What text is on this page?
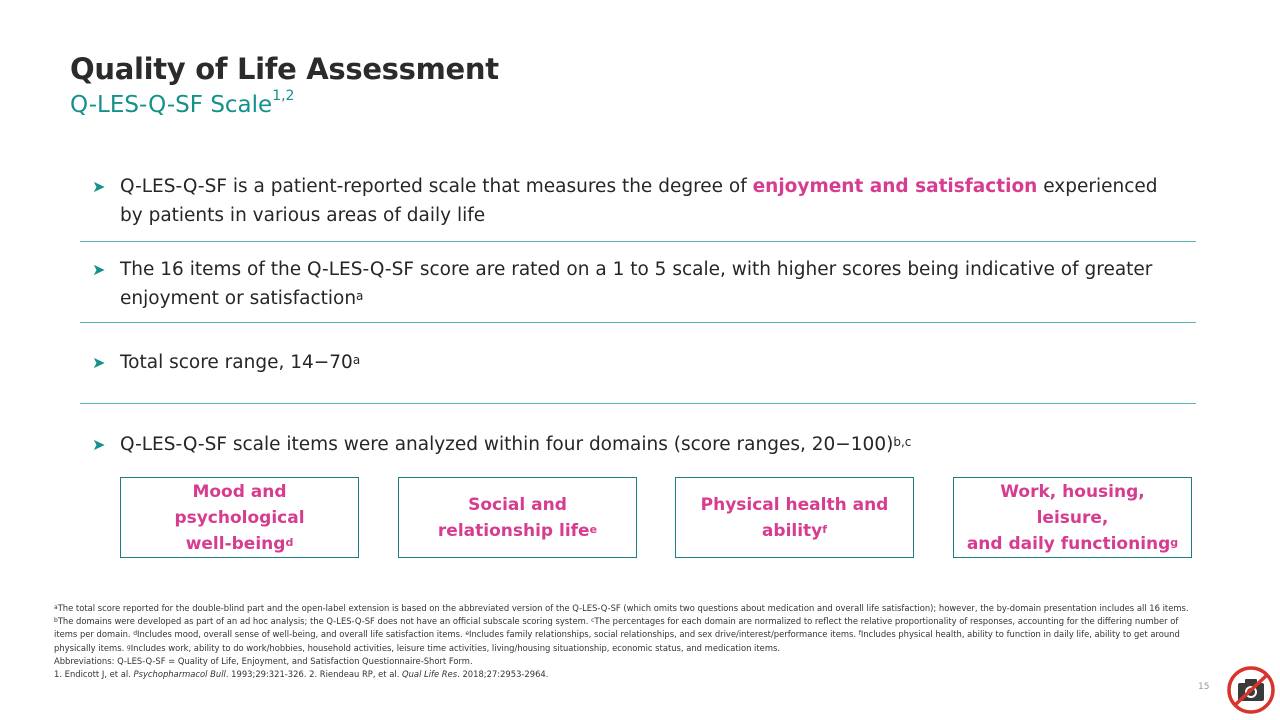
Quality of Life Assessment
Q-LES-Q-SF Scale$^{1,2}$
➤ Q-LES-Q-SF is a patient-reported scale that measures the degree of enjoyment and satisfaction experienced by patients in various areas of daily life
➤ The 16 items of the Q-LES-Q-SF score are rated on a 1 to 5 scale, with higher scores being indicative of greater enjoyment or satisfaction$^a$
➤ Total score range, $14-70^a$
➤ Q-LES-Q-SF scale items were analyzed within four domains (score ranges, 20−100)$^{b,c}$
Mood and psychological
well-being$^d$
Social and
relationship life$^e$
Physical health and
ability$^f$
Work, housing, leisure,
and daily functioning$^g$

$^a$The total score reported for the double-blind part and the open-label extension is based on the abbreviated version of the Q-LES-Q-SF (which omits two questions about medication and overall life satisfaction); however, the by-domain presentation includes all 16 items. $^b$The domains were developed as part of an ad hoc analysis; the Q-LES-Q-SF does not have an official subscale scoring system. $^c$The percentages for each domain are normalized to reflect the relative proportionality of responses, accounting for the differing number of items per domain. $^d$Includes mood, overall sense of well-being, and overall life satisfaction items. $^e$Includes family relationships, social relationships, and sex drive/interest/performance items. $^f$Includes physical health, ability to function in daily life, ability to get around physically items. $^g$Includes work, ability to do work/hobbies, household activities, leisure time activities, living/housing situationship, economic status, and medication items.

Abbreviations: Q-LES-Q-SF = Quality of Life, Enjoyment, and Satisfaction Questionnaire-Short Form.

1. Endicott J, et al. Psychopharmacol Bull. 1993;29:321-326. 2. Riendeau RP, et al. Qual Life Res. 2018;27:2953-2964.

15
